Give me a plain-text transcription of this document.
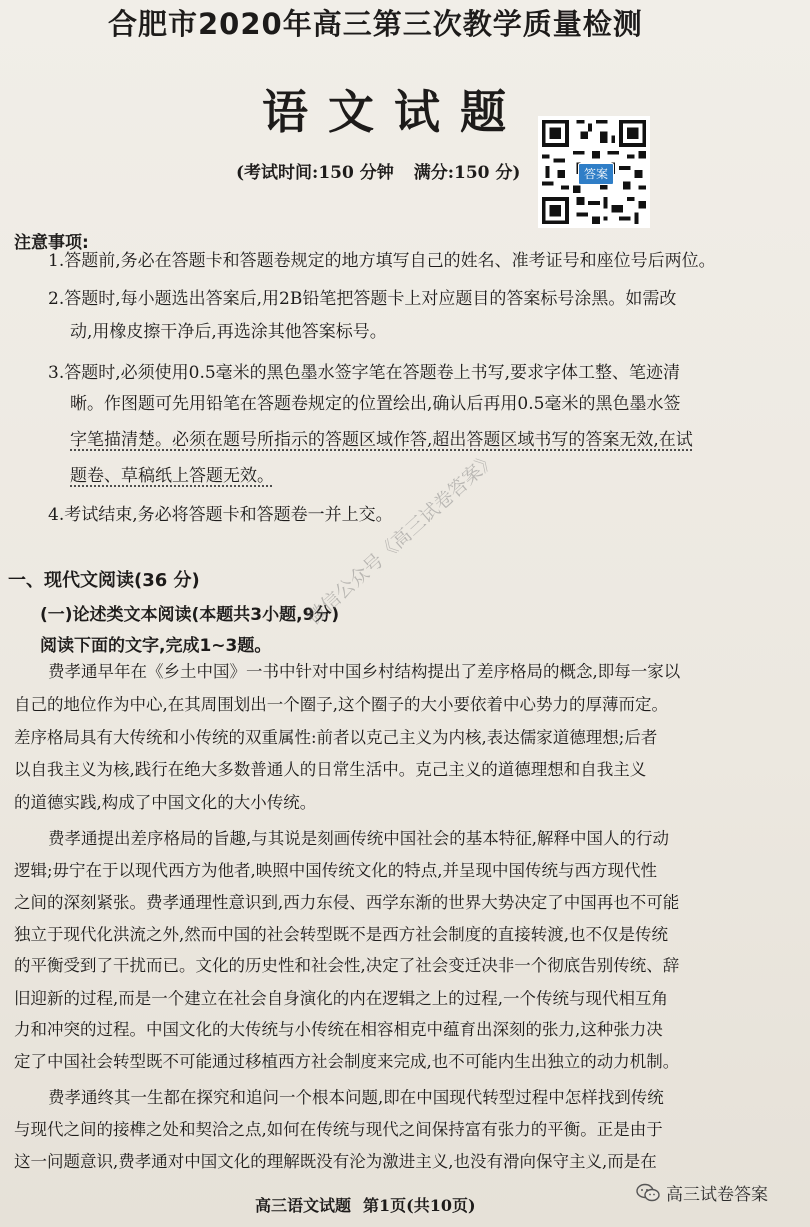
合肥市2020年高三第三次教学质量检测
语文试题
(考试时间:150 分钟 满分:150 分)	答案
注意事项:
1.答题前,务必在答题卡和答题卷规定的地方填写自己的姓名、准考证号和座位号后两位。
2.答题时,每小题选出答案后,用2B铅笔把答题卡上对应题目的答案标号涂黑。如需改
动,用橡皮擦干净后,再选涂其他答案标号。
3.答题时,必须使用0.5毫米的黑色墨水签字笔在答题卷上书写,要求字体工整、笔迹清
晰。作图题可先用铅笔在答题卷规定的位置绘出,确认后再用0.5毫米的黑色墨水签
字笔描清楚。必须在题号所指示的答题区域作答,超出答题区域书写的答案无效,在试
题卷、草稿纸上答题无效。
4.考试结束,务必将答题卡和答题卷一并上交。
一、现代文阅读(36 分)
(一)论述类文本阅读(本题共3小题,9分)
阅读下面的文字,完成1~3题。
费孝通早年在《乡土中国》一书中针对中国乡村结构提出了差序格局的概念,即每一家以
自己的地位作为中心,在其周围划出一个圈子,这个圈子的大小要依着中心势力的厚薄而定。
差序格局具有大传统和小传统的双重属性:前者以克己主义为内核,表达儒家道德理想;后者
以自我主义为核,践行在绝大多数普通人的日常生活中。克己主义的道德理想和自我主义
的道德实践,构成了中国文化的大小传统。
费孝通提出差序格局的旨趣,与其说是刻画传统中国社会的基本特征,解释中国人的行动
逻辑;毋宁在于以现代西方为他者,映照中国传统文化的特点,并呈现中国传统与西方现代性
之间的深刻紧张。费孝通理性意识到,西力东侵、西学东渐的世界大势决定了中国再也不可能
独立于现代化洪流之外,然而中国的社会转型既不是西方社会制度的直接转渡,也不仅是传统
的平衡受到了干扰而已。文化的历史性和社会性,决定了社会变迁决非一个彻底告别传统、辞
旧迎新的过程,而是一个建立在社会自身演化的内在逻辑之上的过程,一个传统与现代相互角
力和冲突的过程。中国文化的大传统与小传统在相容相克中蕴育出深刻的张力,这种张力决
定了中国社会转型既不可能通过移植西方社会制度来完成,也不可能内生出独立的动力机制。
费孝通终其一生都在探究和追问一个根本问题,即在中国现代转型过程中怎样找到传统
与现代之间的接榫之处和契洽之点,如何在传统与现代之间保持富有张力的平衡。正是由于
这一问题意识,费孝通对中国文化的理解既没有沦为激进主义,也没有滑向保守主义,而是在
微信公众号《高三试卷答案》
高三语文试题 第1页(共10页)
高三试卷答案
